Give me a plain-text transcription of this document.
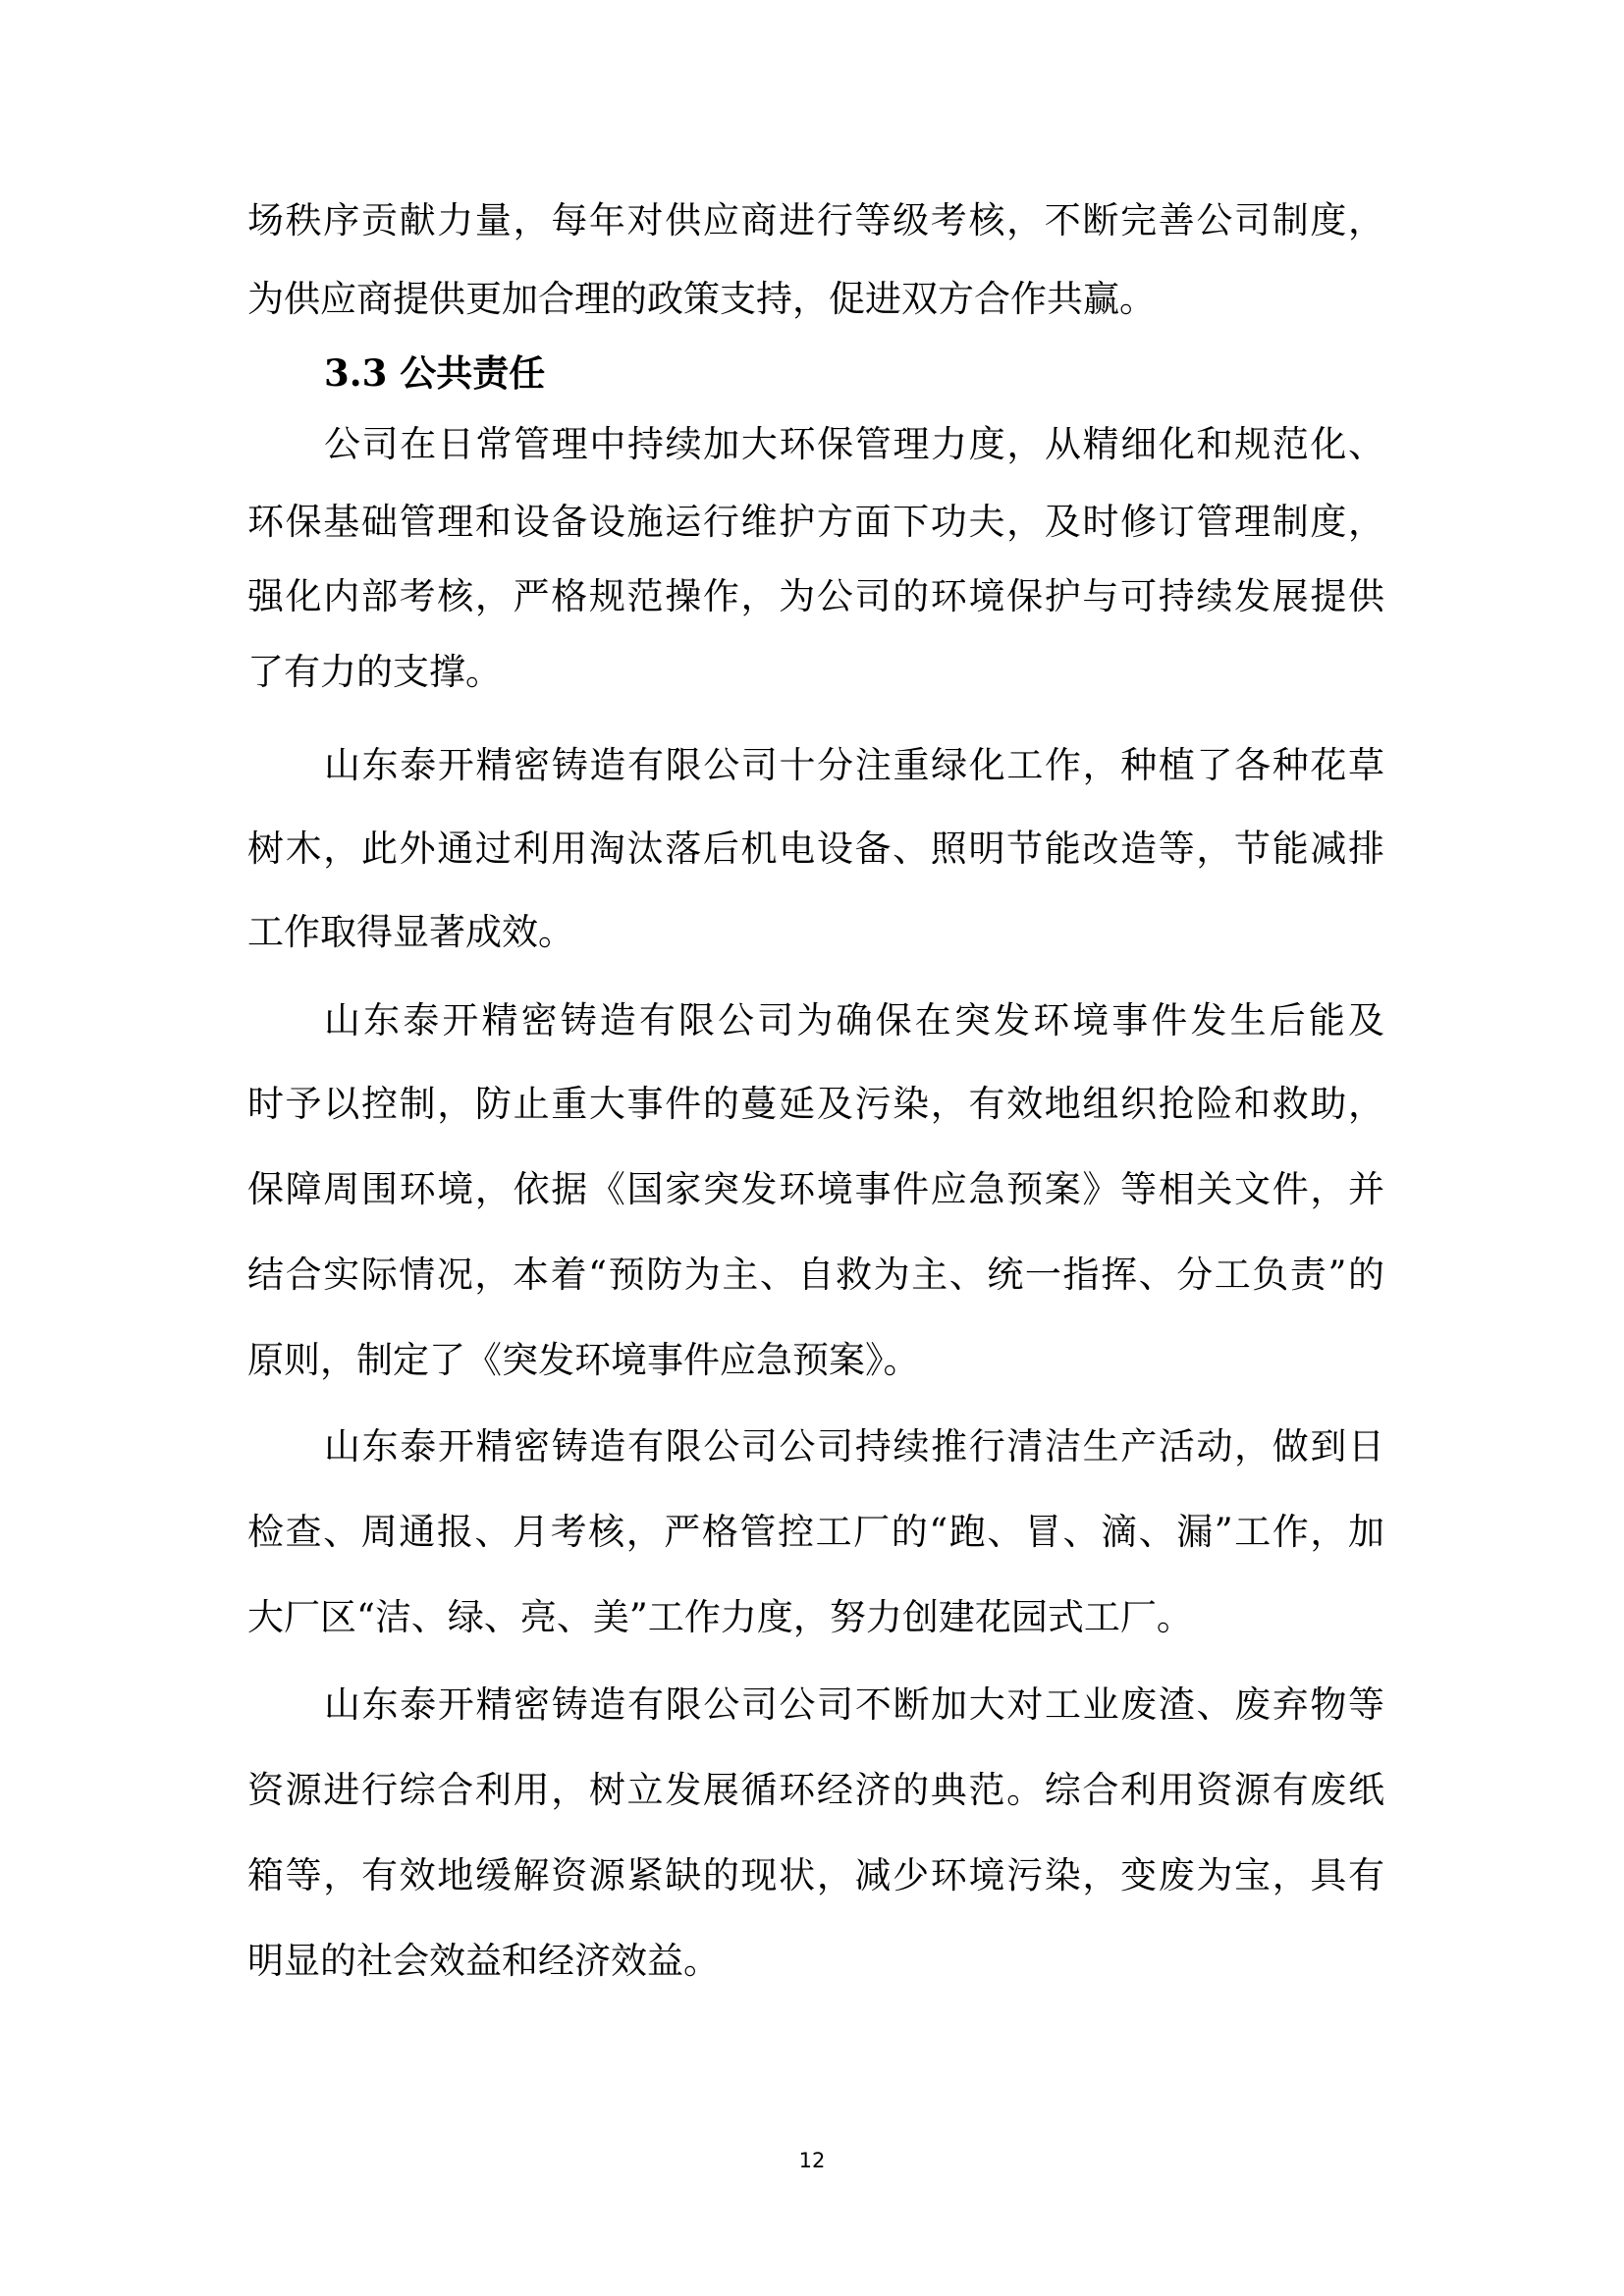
场秩序贡献力量，每年对供应商进行等级考核，不断完善公司制度，
为供应商提供更加合理的政策支持，促进双方合作共赢。
3.3 公共责任
公司在日常管理中持续加大环保管理力度，从精细化和规范化、
环保基础管理和设备设施运行维护方面下功夫，及时修订管理制度，
强化内部考核，严格规范操作，为公司的环境保护与可持续发展提供
了有力的支撑。
山东泰开精密铸造有限公司十分注重绿化工作，种植了各种花草
树木，此外通过利用淘汰落后机电设备、照明节能改造等，节能减排
工作取得显著成效。
山东泰开精密铸造有限公司为确保在突发环境事件发生后能及
时予以控制，防止重大事件的蔓延及污染，有效地组织抢险和救助，
保障周围环境，依据《国家突发环境事件应急预案》等相关文件，并
结合实际情况，本着“预防为主、自救为主、统一指挥、分工负责”的
原则，制定了《突发环境事件应急预案》。
山东泰开精密铸造有限公司公司持续推行清洁生产活动，做到日
检查、周通报、月考核，严格管控工厂的“跑、冒、滴、漏”工作，加
大厂区“洁、绿、亮、美”工作力度，努力创建花园式工厂。
山东泰开精密铸造有限公司公司不断加大对工业废渣、废弃物等
资源进行综合利用，树立发展循环经济的典范。综合利用资源有废纸
箱等，有效地缓解资源紧缺的现状，减少环境污染，变废为宝，具有
明显的社会效益和经济效益。
12
